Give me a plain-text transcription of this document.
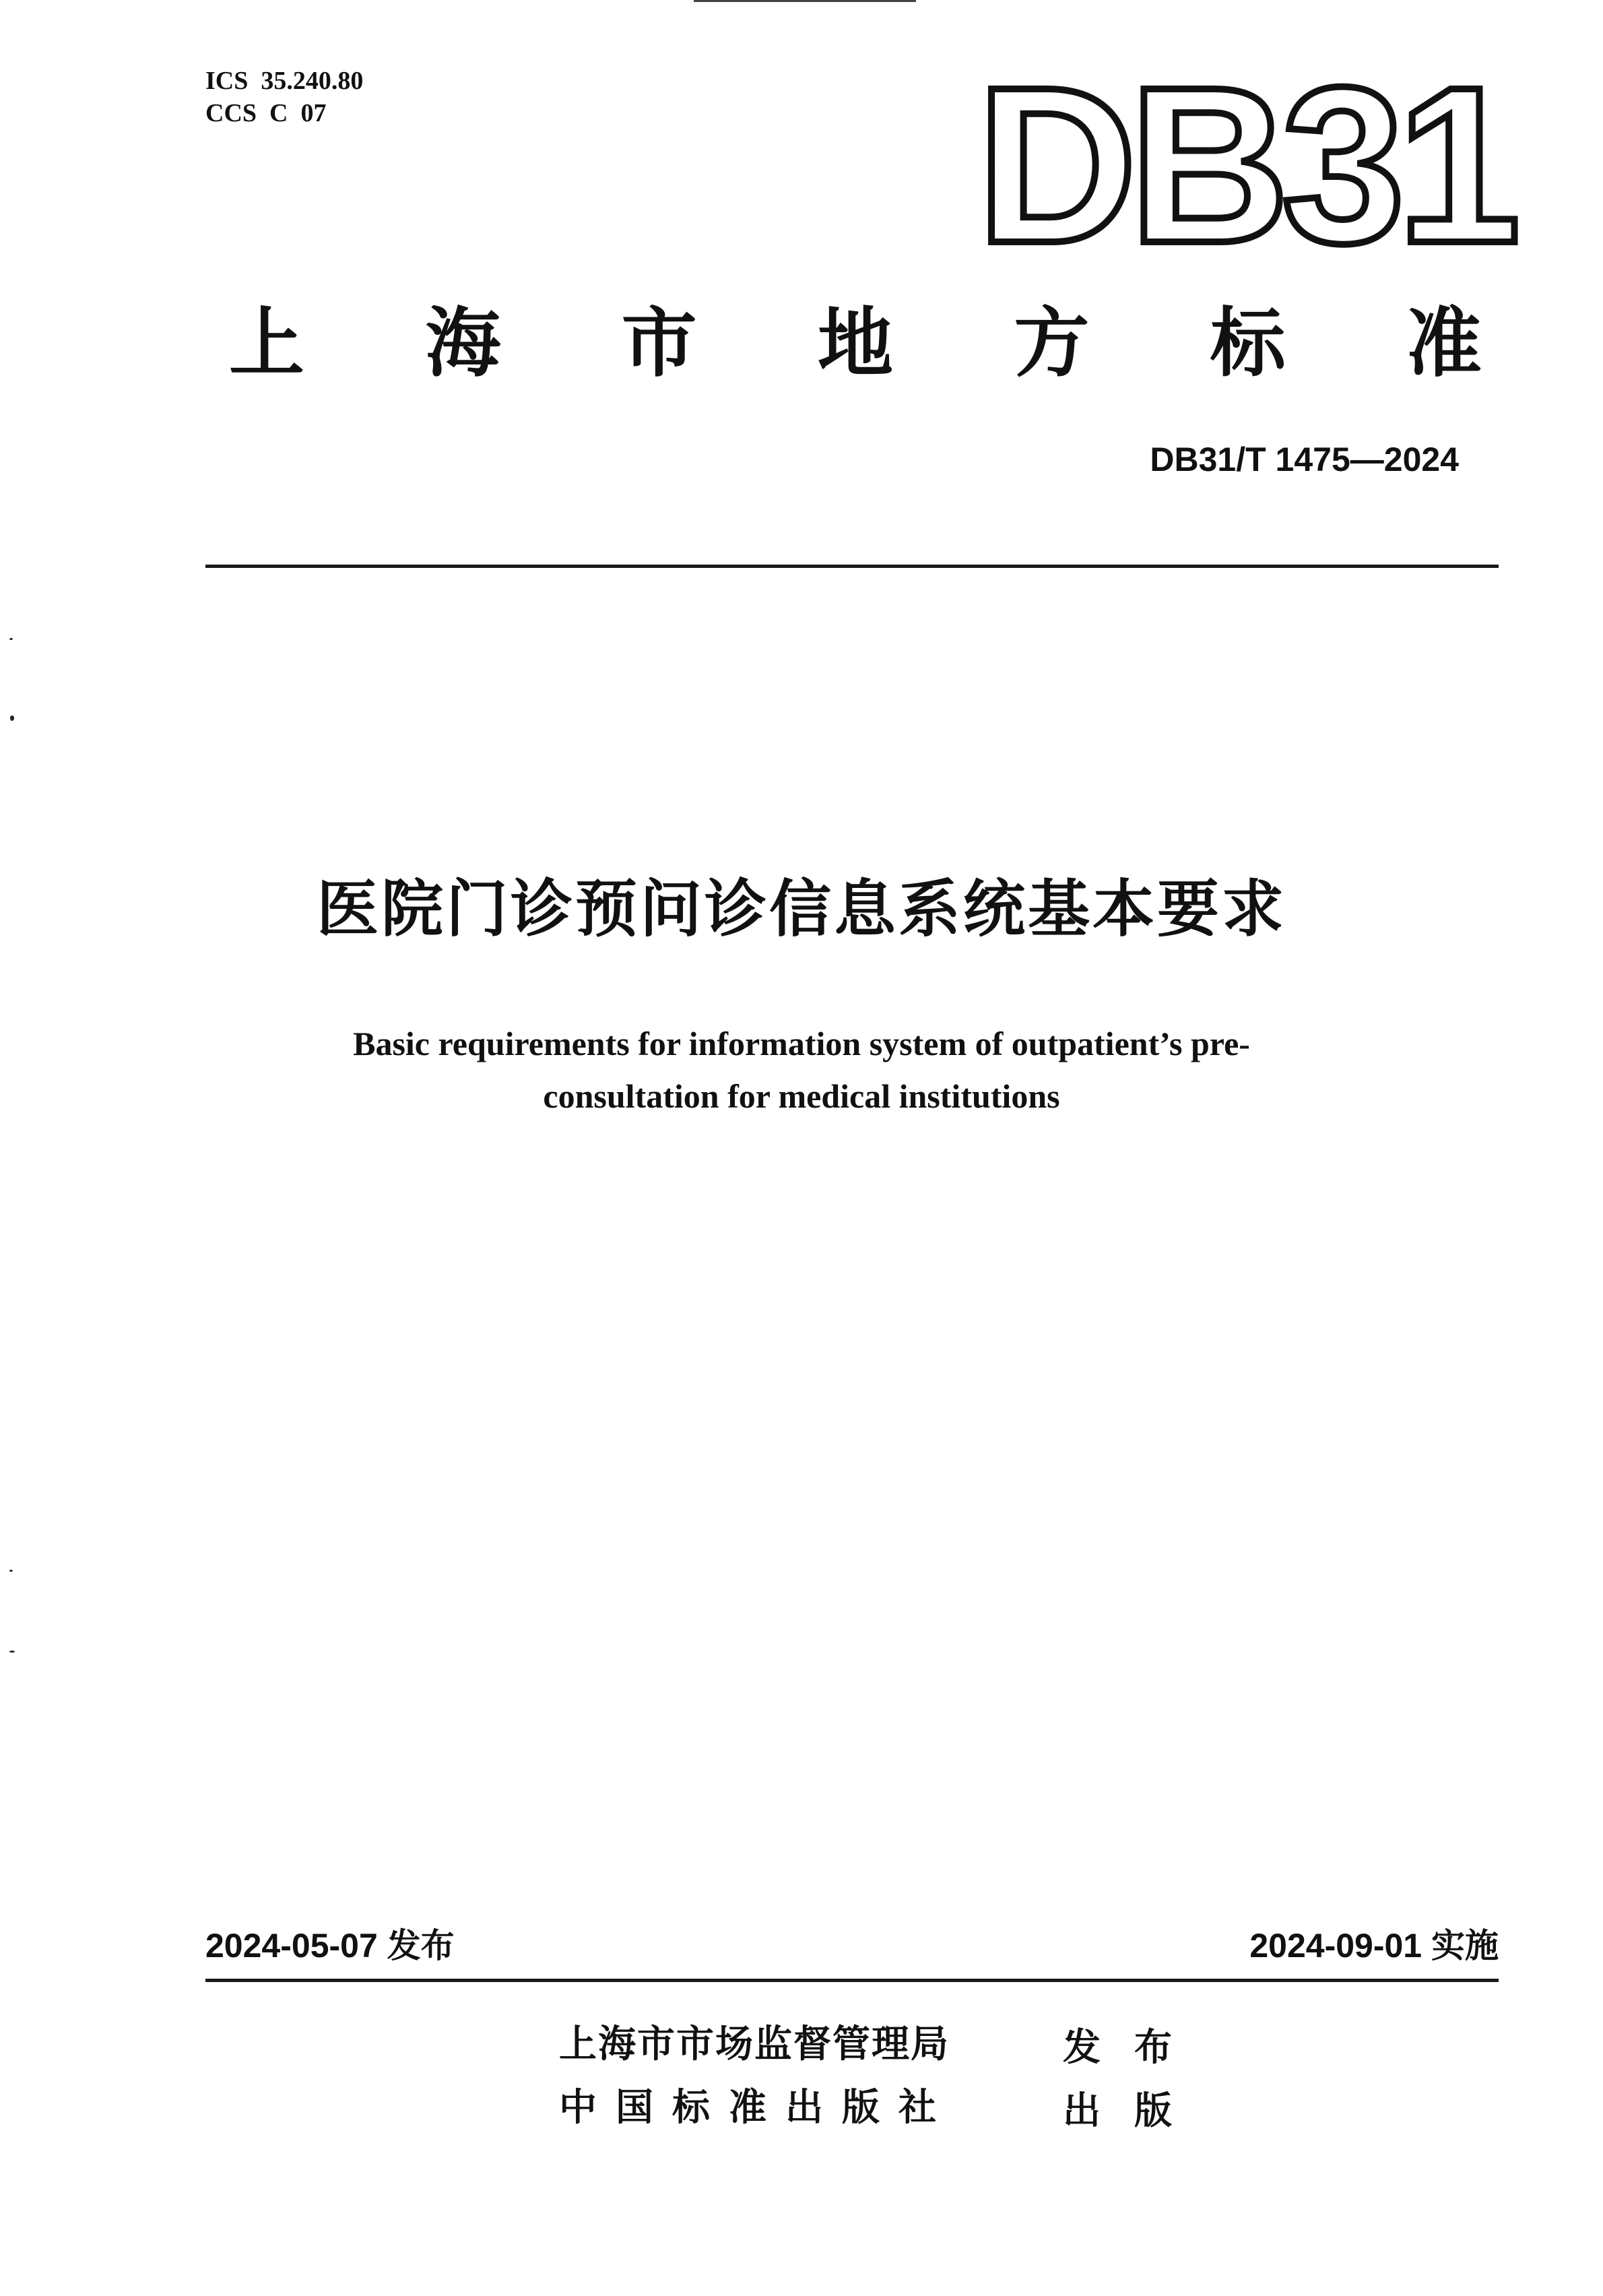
ICS  35.240.80
CCS  C  07	DB31
上 海 市 地 方 标 准
DB31/T 1475—2024
医院门诊预问诊信息系统基本要求
Basic requirements for information system of outpatient’s pre-
consultation for medical institutions
2024-05-07 发布	2024-09-01 实施
上海市市场监督管理局	发布
中国标准出版社	出版
